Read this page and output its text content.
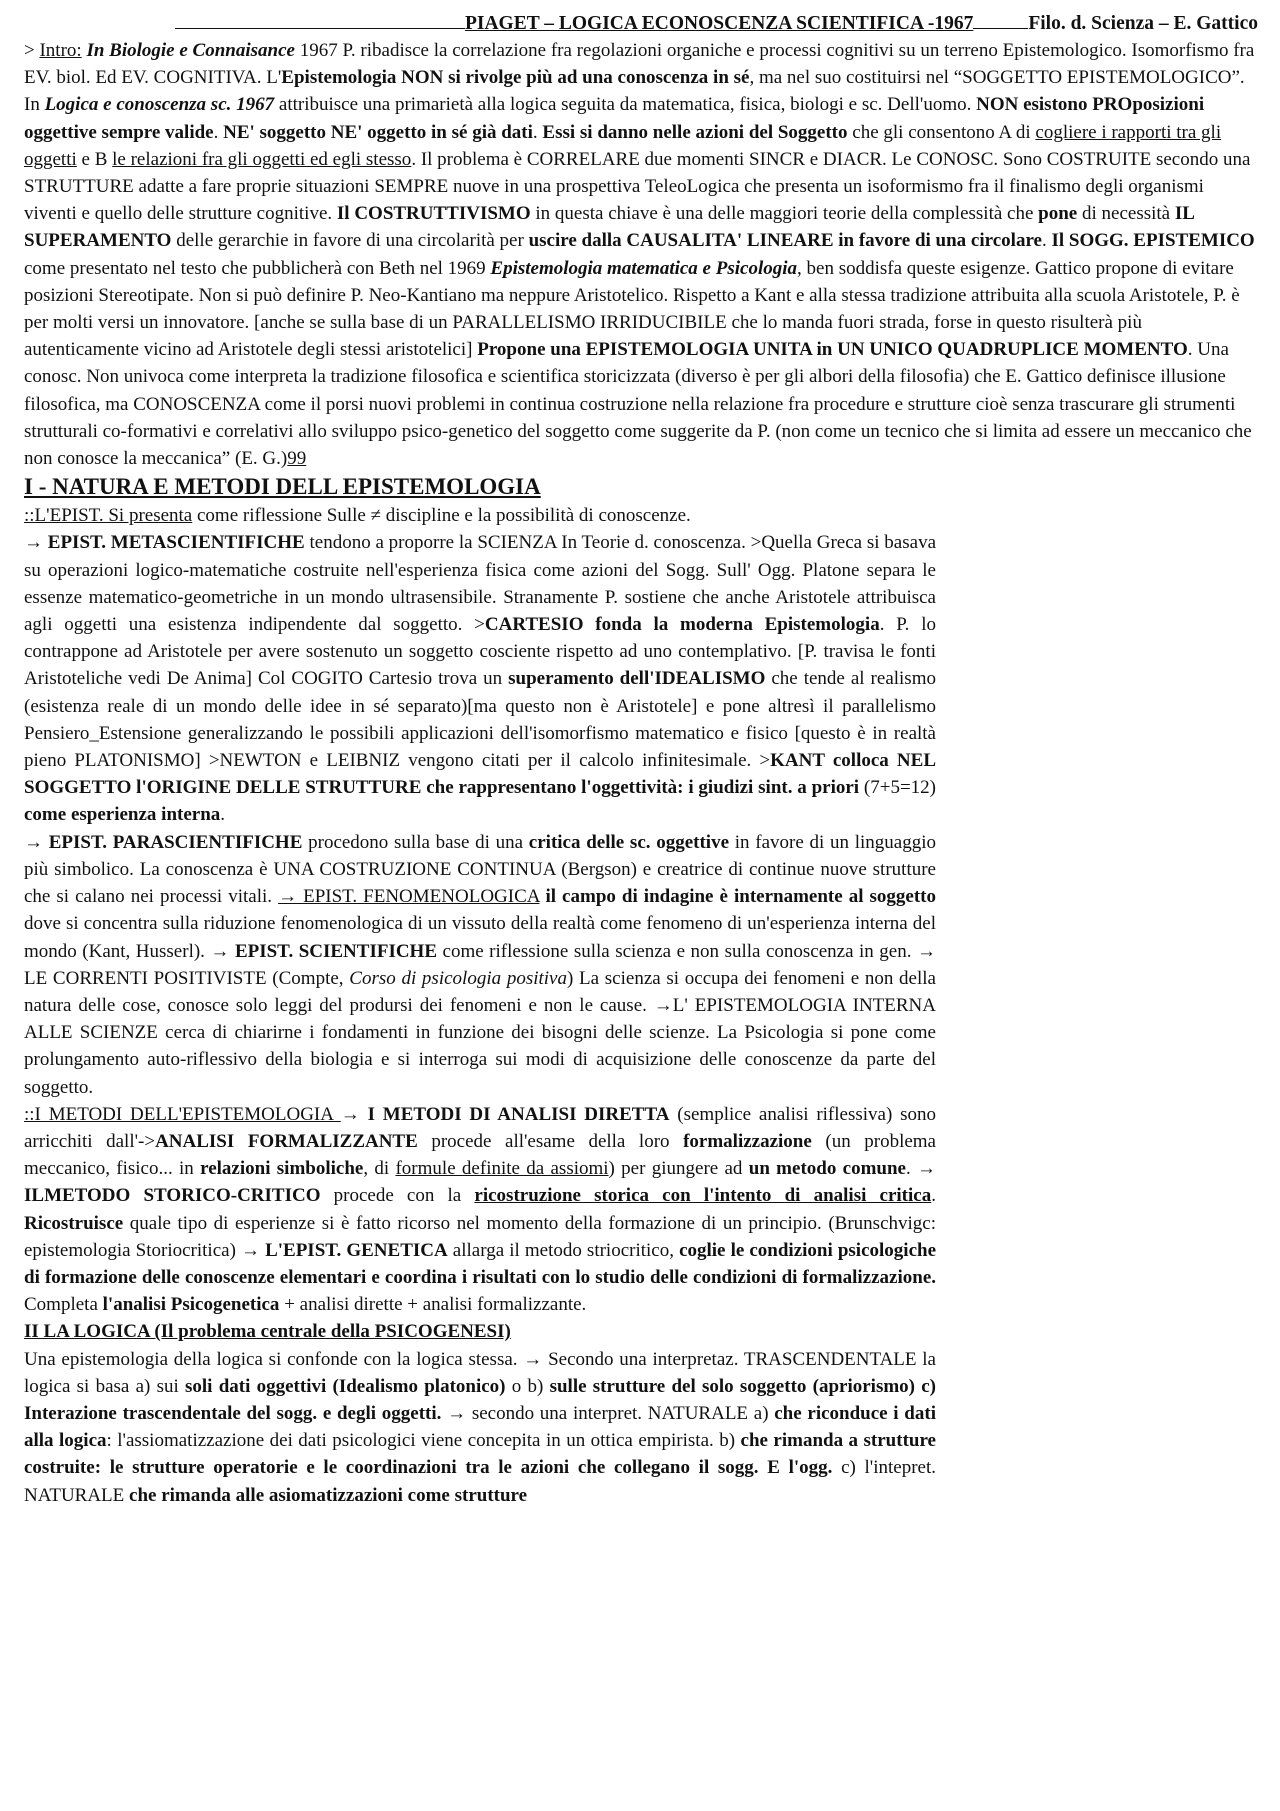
PIAGET – LOGICA ECONOSCENZA SCIENTIFICA -1967	Filo. d. Scienza – E. Gattico
> Intro: In Biologie e Connaisance 1967 P. ribadisce la correlazione fra regolazioni organiche e processi cognitivi su un terreno Epistemologico. Isomorfismo fra EV. biol. Ed EV. COGNITIVA. L'Epistemologia NON si rivolge più ad una conoscenza in sé, ma nel suo costituirsi nel “SOGGETTO EPISTEMOLOGICO”. In Logica e conoscenza sc. 1967 attribuisce una primarietà alla logica seguita da matematica, fisica, biologi e sc. Dell'uomo. NON esistono PROposizioni oggettive sempre valide. NE' soggetto NE' oggetto in sé già dati. Essi si danno nelle azioni del Soggetto che gli consentono A di cogliere i rapporti tra gli oggetti e B le relazioni fra gli oggetti ed egli stesso. Il problema è CORRELARE due momenti SINCR e DIACR. Le CONOSC. Sono COSTRUITE secondo una STRUTTURE adatte a fare proprie situazioni SEMPRE nuove in una prospettiva TeleoLogica che presenta un isoformismo fra il finalismo degli organismi viventi e quello delle strutture cognitive. Il COSTRUTTIVISMO in questa chiave è una delle maggiori teorie della complessità che pone di necessità IL SUPERAMENTO delle gerarchie in favore di una circolarità per uscire dalla CAUSALITA' LINEARE in favore di una circolare. Il SOGG. EPISTEMICO come presentato nel testo che pubblicherà con Beth nel 1969 Epistemologia matematica e Psicologia, ben soddisfa queste esigenze. Gattico propone di evitare posizioni Stereotipate. Non si può definire P. Neo-Kantiano ma neppure Aristotelico. Rispetto a Kant e alla stessa tradizione attribuita alla scuola Aristotele, P. è per molti versi un innovatore. [anche se sulla base di un PARALLELISMO IRRIDUCIBILE che lo manda fuori strada, forse in questo risulterà più autenticamente vicino ad Aristotele degli stessi aristotelici] Propone una EPISTEMOLOGIA UNITA in UN UNICO QUADRUPLICE MOMENTO. Una conosc. Non univoca come interpreta la tradizione filosofica e scientifica storicizzata (diverso è per gli albori della filosofia) che E. Gattico definisce illusione filosofica, ma CONOSCENZA come il porsi nuovi problemi in continua costruzione nella relazione fra procedure e strutture cioè senza trascurare gli strumenti strutturali co-formativi e correlativi allo sviluppo psico-genetico del soggetto come suggerite da P. (non come un tecnico che si limita ad essere un meccanico che non conosce la meccanica” (E. G.)99
I - NATURA E METODI DELL EPISTEMOLOGIA

::L'EPIST. Si presenta come riflessione Sulle ≠ discipline e la possibilità di conoscenze.

→ EPIST. METASCIENTIFICHE tendono a proporre la SCIENZA In Teorie d. conoscenza. >Quella Greca si basava su operazioni logico-matematiche costruite nell'esperienza fisica come azioni del Sogg. Sull' Ogg. Platone separa le essenze matematico-geometriche in un mondo ultrasensibile. Stranamente P. sostiene che anche Aristotele attribuisca agli oggetti una esistenza indipendente dal soggetto. >CARTESIO fonda la moderna Epistemologia. P. lo contrappone ad Aristotele per avere sostenuto un soggetto cosciente rispetto ad uno contemplativo. [P. travisa le fonti Aristoteliche vedi De Anima] Col COGITO Cartesio trova un superamento dell'IDEALISMO che tende al realismo (esistenza reale di un mondo delle idee in sé separato)[ma questo non è Aristotele] e pone altresì il parallelismo Pensiero_Estensione generalizzando le possibili applicazioni dell'isomorfismo matematico e fisico [questo è in realtà pieno PLATONISMO] >NEWTON e LEIBNIZ vengono citati per il calcolo infinitesimale. >KANT colloca NEL SOGGETTO l'ORIGINE DELLE STRUTTURE che rappresentano l'oggettività: i giudizi sint. a priori (7+5=12) come esperienza interna.

→ EPIST. PARASCIENTIFICHE procedono sulla base di una critica delle sc. oggettive in favore di un linguaggio più simbolico. La conoscenza è UNA COSTRUZIONE CONTINUA (Bergson) e creatrice di continue nuove strutture che si calano nei processi vitali. → EPIST. FENOMENOLOGICA il campo di indagine è internamente al soggetto dove si concentra sulla riduzione fenomenologica di un vissuto della realtà come fenomeno di un'esperienza interna del mondo (Kant, Husserl). → EPIST. SCIENTIFICHE come riflessione sulla scienza e non sulla conoscenza in gen. → LE CORRENTI POSITIVISTE (Compte, Corso di psicologia positiva) La scienza si occupa dei fenomeni e non della natura delle cose, conosce solo leggi del prodursi dei fenomeni e non le cause. →L' EPISTEMOLOGIA INTERNA ALLE SCIENZE cerca di chiarirne i fondamenti in funzione dei bisogni delle scienze. La Psicologia si pone come prolungamento auto-riflessivo della biologia e si interroga sui modi di acquisizione delle conoscenze da parte del soggetto.

::I METODI DELL'EPISTEMOLOGIA → I METODI DI ANALISI DIRETTA (semplice analisi riflessiva) sono arricchiti dall'->ANALISI FORMALIZZANTE procede all'esame della loro formalizzazione (un problema meccanico, fisico... in relazioni simboliche, di formule definite da assiomi) per giungere ad un metodo comune. → ILMETODO STORICO-CRITICO procede con la ricostruzione storica con l'intento di analisi critica. Ricostruisce quale tipo di esperienze si è fatto ricorso nel momento della formazione di un principio. (Brunschvigc: epistemologia Storiocritica) → L'EPIST. GENETICA allarga il metodo striocritico, coglie le condizioni psicologiche di formazione delle conoscenze elementari e coordina i risultati con lo studio delle condizioni di formalizzazione. Completa l'analisi Psicogenetica + analisi dirette + analisi formalizzante.

II LA LOGICA (Il problema centrale della PSICOGENESI)

Una epistemologia della logica si confonde con la logica stessa. → Secondo una interpretaz. TRASCENDENTALE la logica si basa a) sui soli dati oggettivi (Idealismo platonico) o b) sulle strutture del solo soggetto (apriorismo) c) Interazione trascendentale del sogg. e degli oggetti. → secondo una interpret. NATURALE a) che riconduce i dati alla logica: l'assiomatizzazione dei dati psicologici viene concepita in un ottica empirista. b) che rimanda a strutture costruite: le strutture operatorie e le coordinazioni tra le azioni che collegano il sogg. E l'ogg. c) l'intepret. NATURALE che rimanda alle asiomatizzazioni come strutture
